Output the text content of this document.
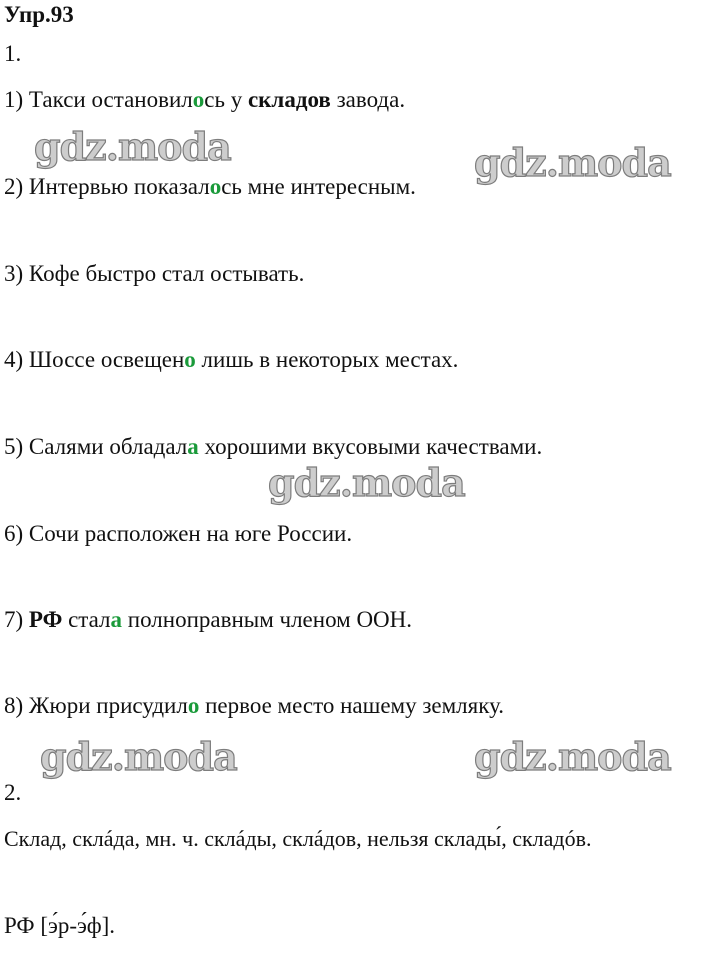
Упр.93
1.
1) Такси остановилось у складов завода.
2) Интервью показалось мне интересным.
3) Кофе быстро стал остывать.
4) Шоссе освещено лишь в некоторых местах.
5) Салями обладала хорошими вкусовыми качествами.
6) Сочи расположен на юге России.
7) РФ стала полноправным членом ООН.
8) Жюри присудило первое место нашему земляку.
2.
Склад, склáда, мн. ч. склáды, склáдов, нельзя склады́, складóв.
РФ [э́р-э́ф].
gdz.moda	gdz.moda
gdz.moda
gdz.moda	gdz.moda
